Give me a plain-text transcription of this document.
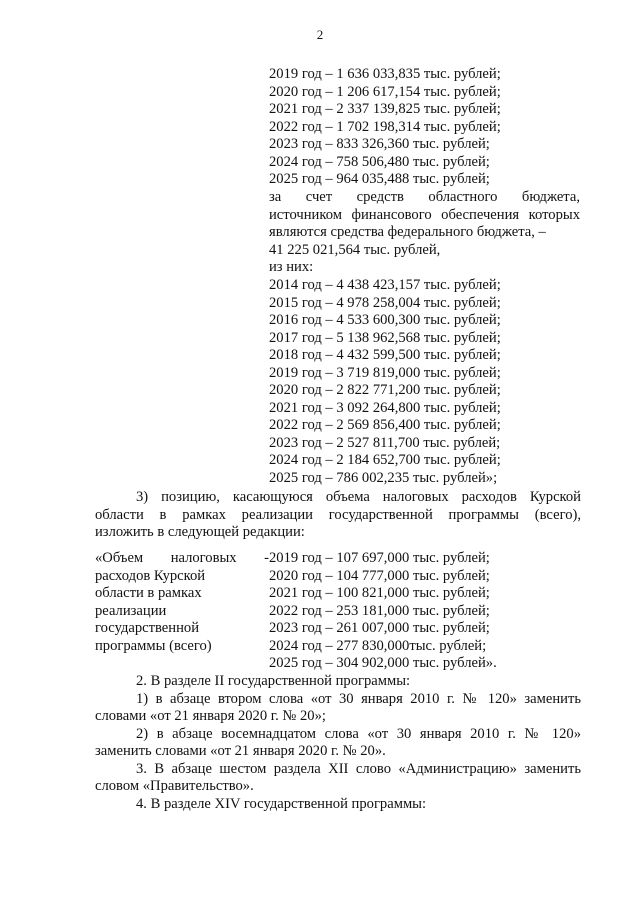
2
2019 год – 1 636 033,835 тыс. рублей;
2020 год – 1 206 617,154 тыс. рублей;
2021 год – 2 337 139,825 тыс. рублей;
2022 год – 1 702 198,314 тыс. рублей;
2023 год – 833 326,360 тыс. рублей;
2024 год – 758 506,480 тыс. рублей;
2025 год – 964 035,488 тыс. рублей;
за счет средств областного бюджета,
источником финансового обеспечения которых
являются средства федерального бюджета, –
41 225 021,564 тыс. рублей,
из них:
2014 год – 4 438 423,157 тыс. рублей;
2015 год – 4 978 258,004 тыс. рублей;
2016 год – 4 533 600,300 тыс. рублей;
2017 год – 5 138 962,568 тыс. рублей;
2018 год – 4 432 599,500 тыс. рублей;
2019 год – 3 719 819,000 тыс. рублей;
2020 год – 2 822 771,200 тыс. рублей;
2021 год – 3 092 264,800 тыс. рублей;
2022 год – 2 569 856,400 тыс. рублей;
2023 год – 2 527 811,700 тыс. рублей;
2024 год – 2 184 652,700 тыс. рублей;
2025 год – 786 002,235 тыс. рублей»;
3) позицию, касающуюся объема налоговых расходов Курской
области в рамках реализации государственной программы (всего),
изложить в следующей редакции:
«Объем налоговых -
расходов Курской
области в рамках
реализации
государственной
программы (всего)
2019 год – 107 697,000 тыс. рублей;
2020 год – 104 777,000 тыс. рублей;
2021 год – 100 821,000 тыс. рублей;
2022 год – 253 181,000 тыс. рублей;
2023 год – 261 007,000 тыс. рублей;
2024 год – 277 830,000тыс. рублей;
2025 год – 304 902,000 тыс. рублей».
2. В разделе II государственной программы:
1) в абзаце втором слова «от 30 января 2010 г. № 120» заменить
словами «от 21 января 2020 г. № 20»;
2) в абзаце восемнадцатом слова «от 30 января 2010 г. № 120»
заменить словами «от 21 января 2020 г. № 20».
3. В абзаце шестом раздела XII слово «Администрацию» заменить
словом «Правительство».
4. В разделе XIV государственной программы:
